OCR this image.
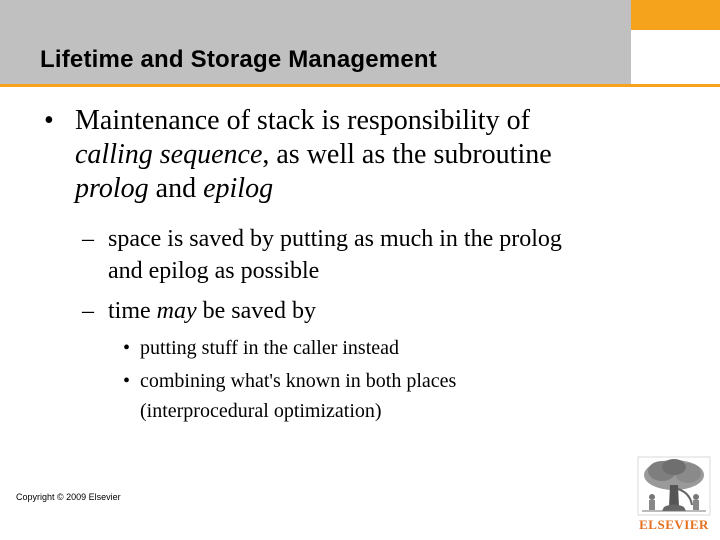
Lifetime and Storage Management
• Maintenance of stack is responsibility of
calling sequence, as well as the subroutine
prolog and epilog
– space is saved by putting as much in the prolog
and epilog as possible
– time may be saved by
• putting stuff in the caller instead
• combining what's known in both places
(interprocedural optimization)
Copyright © 2009 Elsevier
ELSEVIER
